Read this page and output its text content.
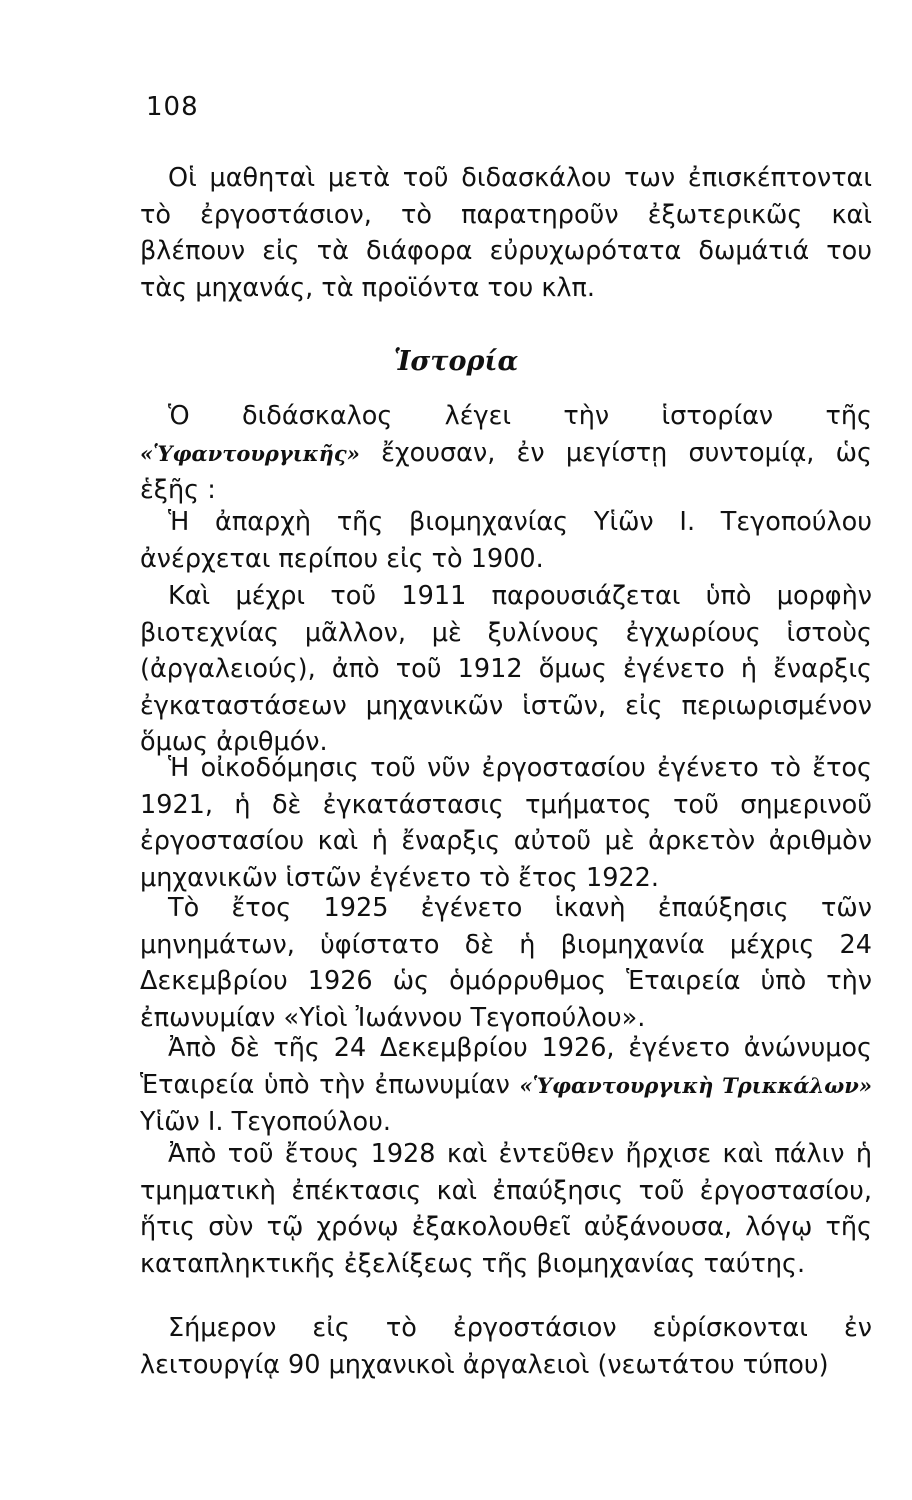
108
Οἱ μαθηταὶ μετὰ τοῦ διδασκάλου των ἐπισκέπτονται τὸ ἐργοστάσιον, τὸ παρατηροῦν ἐξωτερικῶς καὶ βλέπουν εἰς τὰ διάφορα εὐρυχωρότατα δωμάτιά του τὰς μηχανάς, τὰ προϊόντα του κλπ.
Ἱστορία
Ὁ διδάσκαλος λέγει τὴν ἱστορίαν τῆς «Ὑφαντουργικῆς» ἔχουσαν, ἐν μεγίστῃ συντομίᾳ, ὡς ἑξῆς :
Ἡ ἀπαρχὴ τῆς βιομηχανίας Υἱῶν Ι. Τεγοπούλου ἀνέρχεται περίπου εἰς τὸ 1900.
Καὶ μέχρι τοῦ 1911 παρουσιάζεται ὑπὸ μορφὴν βιοτεχνίας μᾶλλον, μὲ ξυλίνους ἐγχωρίους ἱστοὺς (ἀργαλειούς), ἀπὸ τοῦ 1912 ὅμως ἐγένετο ἡ ἔναρξις ἐγκαταστάσεων μηχανικῶν ἱστῶν, εἰς περιωρισμένον ὅμως ἀριθμόν.
Ἡ οἰκοδόμησις τοῦ νῦν ἐργοστασίου ἐγένετο τὸ ἔτος 1921, ἡ δὲ ἐγκατάστασις τμήματος τοῦ σημερινοῦ ἐργοστασίου καὶ ἡ ἔναρξις αὐτοῦ μὲ ἀρκετὸν ἀριθμὸν μηχανικῶν ἱστῶν ἐγένετο τὸ ἔτος 1922.
Τὸ ἔτος 1925 ἐγένετο ἱκανὴ ἐπαύξησις τῶν μηνημάτων, ὑφίστατο δὲ ἡ βιομηχανία μέχρις 24 Δεκεμβρίου 1926 ὡς ὁμόρρυθμος Ἑταιρεία ὑπὸ τὴν ἐπωνυμίαν «Υἱοὶ Ἰωάννου Τεγοπούλου».
Ἀπὸ δὲ τῆς 24 Δεκεμβρίου 1926, ἐγένετο ἀνώνυμος Ἑταιρεία ὑπὸ τὴν ἐπωνυμίαν «Ὑφαντουργικὴ Τρικκάλων» Υἱῶν Ι. Τεγοπούλου.
Ἀπὸ τοῦ ἔτους 1928 καὶ ἐντεῦθεν ἤρχισε καὶ πάλιν ἡ τμηματικὴ ἐπέκτασις καὶ ἐπαύξησις τοῦ ἐργοστασίου, ἥτις σὺν τῷ χρόνῳ ἐξακολουθεῖ αὐξάνουσα, λόγῳ τῆς καταπληκτικῆς ἐξελίξεως τῆς βιομηχανίας ταύτης.
Σήμερον εἰς τὸ ἐργοστάσιον εὑρίσκονται ἐν λειτουργίᾳ 90 μηχανικοὶ ἀργαλειοὶ (νεωτάτου τύπου)
